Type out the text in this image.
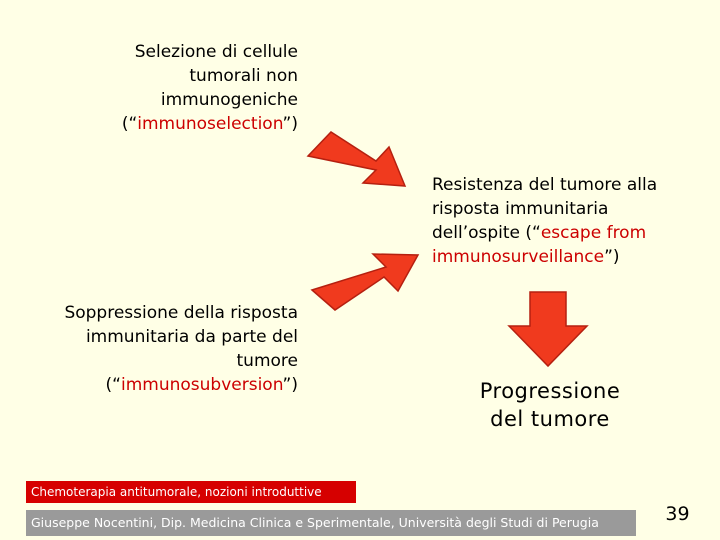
Selezione di cellule
tumorali non
immunogeniche
(“immunoselection”)
Resistenza del tumore alla
risposta immunitaria
dell’ospite (“escape from
immunosurveillance”)
Soppressione della risposta
immunitaria da parte del
tumore
(“immunosubversion”)	Progressione
del tumore
Chemoterapia antitumorale, nozioni introduttive
Giuseppe Nocentini, Dip. Medicina Clinica e Sperimentale, Università degli Studi di Perugia	39
